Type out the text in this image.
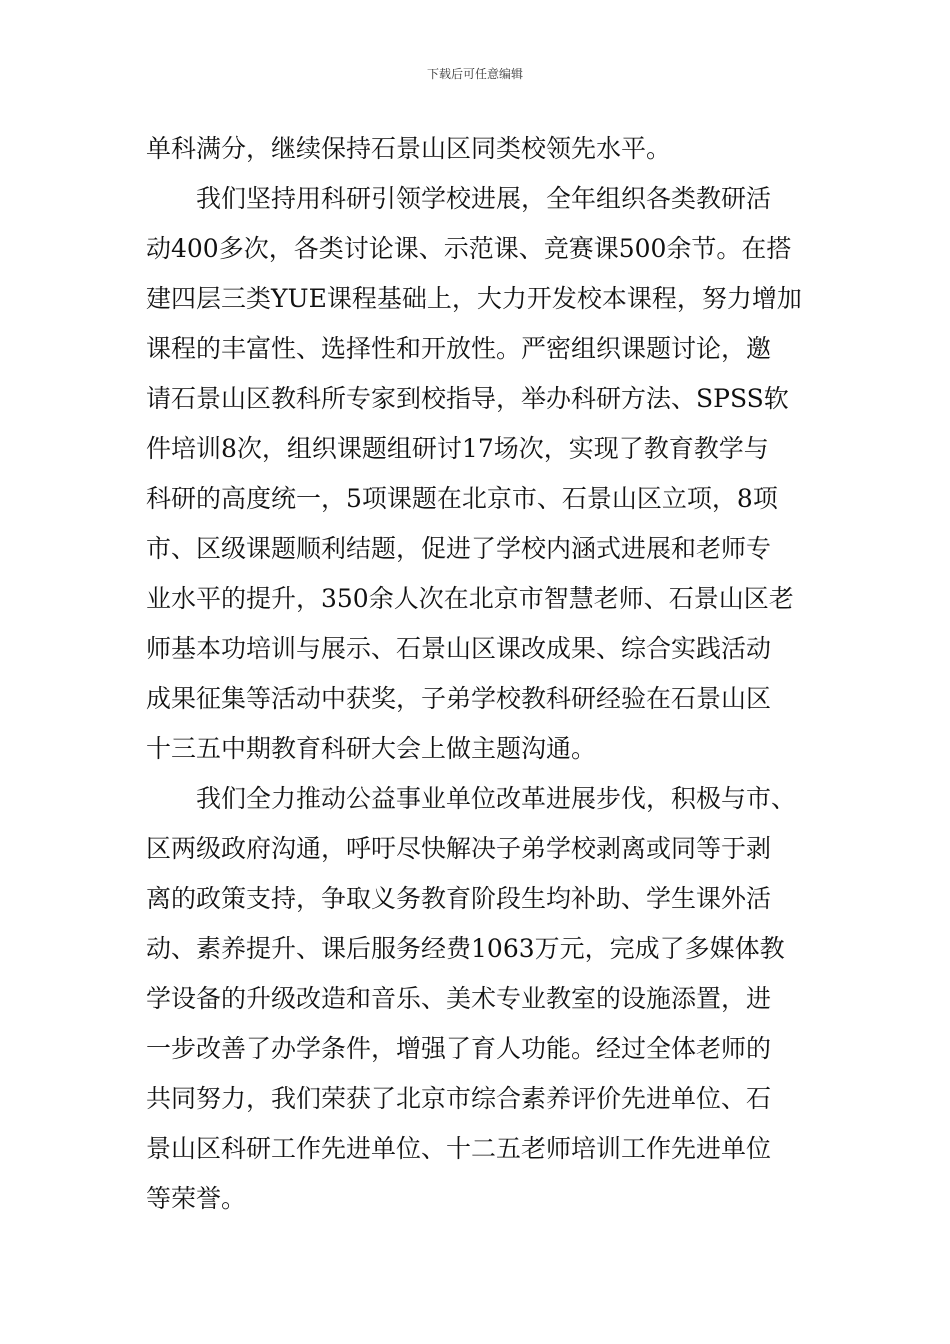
下载后可任意编辑
单科满分，继续保持石景山区同类校领先水平。
我们坚持用科研引领学校进展，全年组织各类教研活
动400多次，各类讨论课、示范课、竞赛课500余节。在搭
建四层三类YUE课程基础上，大力开发校本课程，努力增加
课程的丰富性、选择性和开放性。严密组织课题讨论，邀
请石景山区教科所专家到校指导，举办科研方法、SPSS软
件培训8次，组织课题组研讨17场次，实现了教育教学与
科研的高度统一，5项课题在北京市、石景山区立项，8项
市、区级课题顺利结题，促进了学校内涵式进展和老师专
业水平的提升，350余人次在北京市智慧老师、石景山区老
师基本功培训与展示、石景山区课改成果、综合实践活动
成果征集等活动中获奖，子弟学校教科研经验在石景山区
十三五中期教育科研大会上做主题沟通。
我们全力推动公益事业单位改革进展步伐，积极与市、
区两级政府沟通，呼吁尽快解决子弟学校剥离或同等于剥
离的政策支持，争取义务教育阶段生均补助、学生课外活
动、素养提升、课后服务经费1063万元，完成了多媒体教
学设备的升级改造和音乐、美术专业教室的设施添置，进
一步改善了办学条件，增强了育人功能。经过全体老师的
共同努力，我们荣获了北京市综合素养评价先进单位、石
景山区科研工作先进单位、十二五老师培训工作先进单位
等荣誉。
